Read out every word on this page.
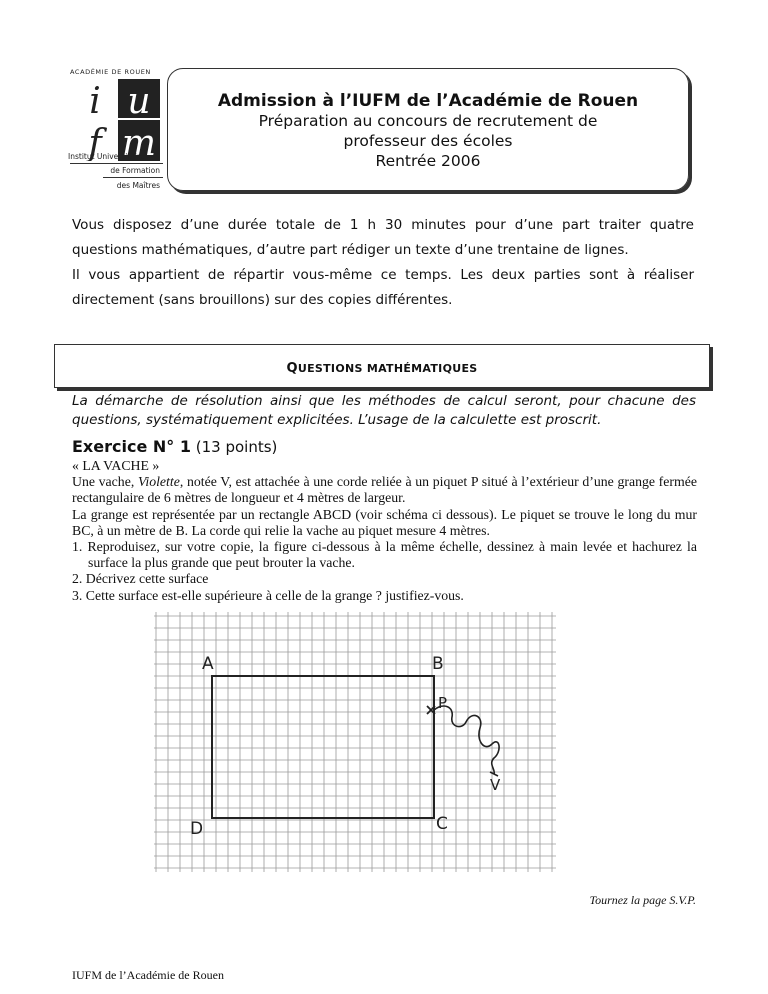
ACADÉMIE DE ROUEN
i u
f m
Institut Universitaire
de Formation
des Maîtres
Admission à l’IUFM de l’Académie de Rouen
Préparation au concours de recrutement de
professeur des écoles
Rentrée 2006

Vous disposez d’une durée totale de 1 h 30 minutes pour d’une part traiter quatre questions mathématiques, d’autre part rédiger un texte d’une trentaine de lignes.

Il vous appartient de répartir vous-même ce temps. Les deux parties sont à réaliser directement (sans brouillons) sur des copies différentes.

QUESTIONS MATHÉMATIQUES
La démarche de résolution ainsi que les méthodes de calcul seront, pour chacune des questions, systématiquement explicitées. L’usage de la calculette est proscrit.
Exercice N° 1 (13 points)

« LA VACHE »

Une vache, Violette, notée V, est attachée à une corde reliée à un piquet P situé à l’extérieur d’une grange fermée rectangulaire de 6 mètres de longueur et 4 mètres de largeur.

La grange est représentée par un rectangle ABCD (voir schéma ci dessous). Le piquet se trouve le long du mur BC, à un mètre de B. La corde qui relie la vache au piquet mesure 4 mètres.

1. Reproduisez, sur votre copie, la figure ci-dessous à la même échelle, dessinez à main levée et hachurez la surface la plus grande que peut brouter la vache.
2. Décrivez cette surface
3. Cette surface est-elle supérieure à celle de la grange ? justifiez-vous.
A	B
C
D
P
V
Tournez la page S.V.P.
IUFM de l’Académie de Rouen
